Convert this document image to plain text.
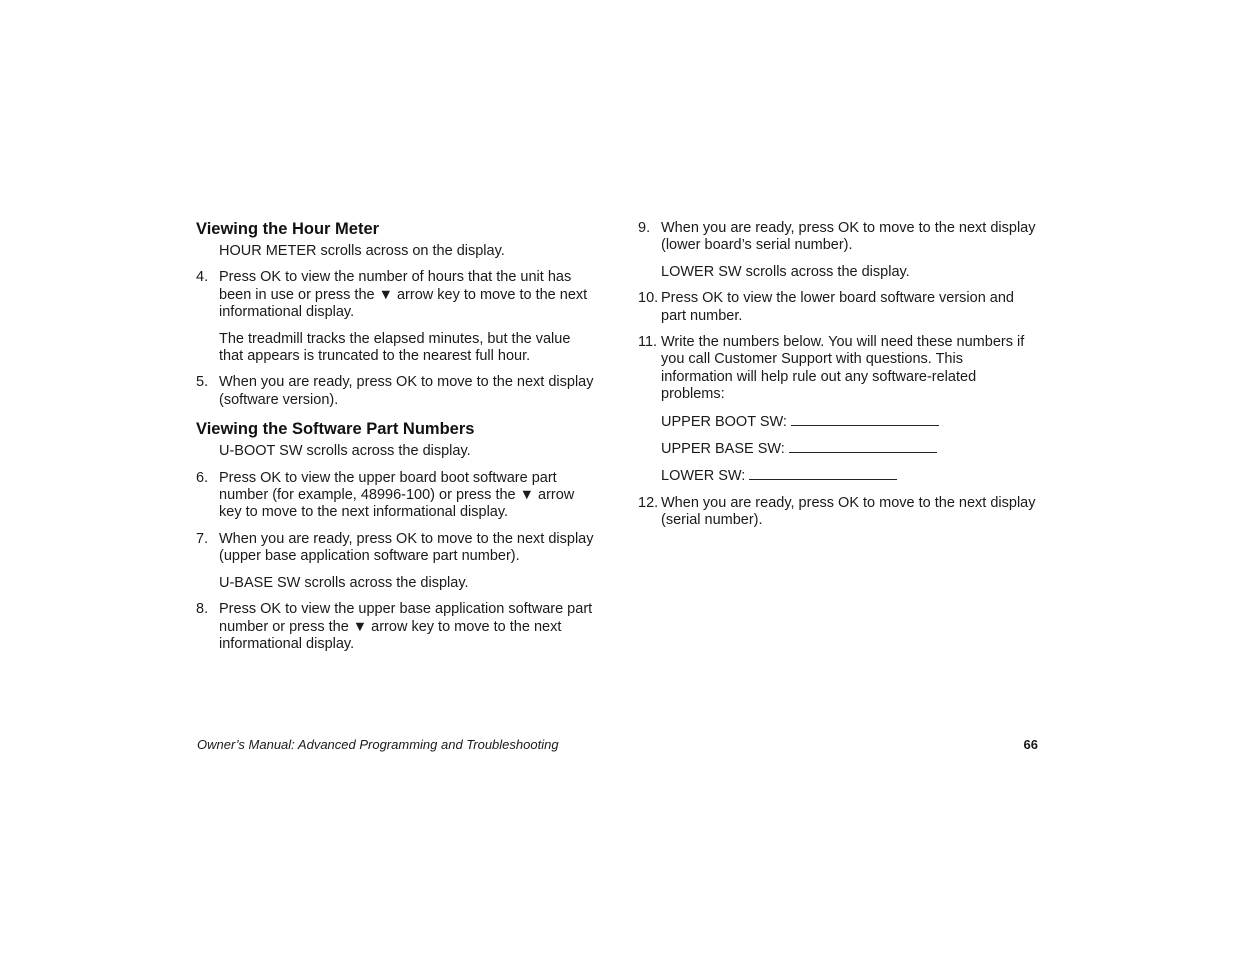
Viewing the Hour Meter

HOUR METER scrolls across on the display.

4. Press OK to view the number of hours that the unit has been in use or press the ▼ arrow key to move to the next informational display.

The treadmill tracks the elapsed minutes, but the value that appears is truncated to the nearest full hour.

5. When you are ready, press OK to move to the next display (software version).
Viewing the Software Part Numbers

U-BOOT SW scrolls across the display.

6. Press OK to view the upper board boot software part number (for example, 48996-100) or press the ▼ arrow key to move to the next informational display.
7. When you are ready, press OK to move to the next display (upper base application software part number).

U-BASE SW scrolls across the display.

8. Press OK to view the upper base application software part number or press the ▼ arrow key to move to the next informational display.
9. When you are ready, press OK to move to the next display (lower board’s serial number).

LOWER SW scrolls across the display.

10. Press OK to view the lower board software version and part number.
11. Write the numbers below. You will need these numbers if you call Customer Support with questions. This information will help rule out any software-related problems:

UPPER BOOT SW:

UPPER BASE SW:

LOWER SW:

12. When you are ready, press OK to move to the next display (serial number).
Owner’s Manual: Advanced Programming and Troubleshooting	66
